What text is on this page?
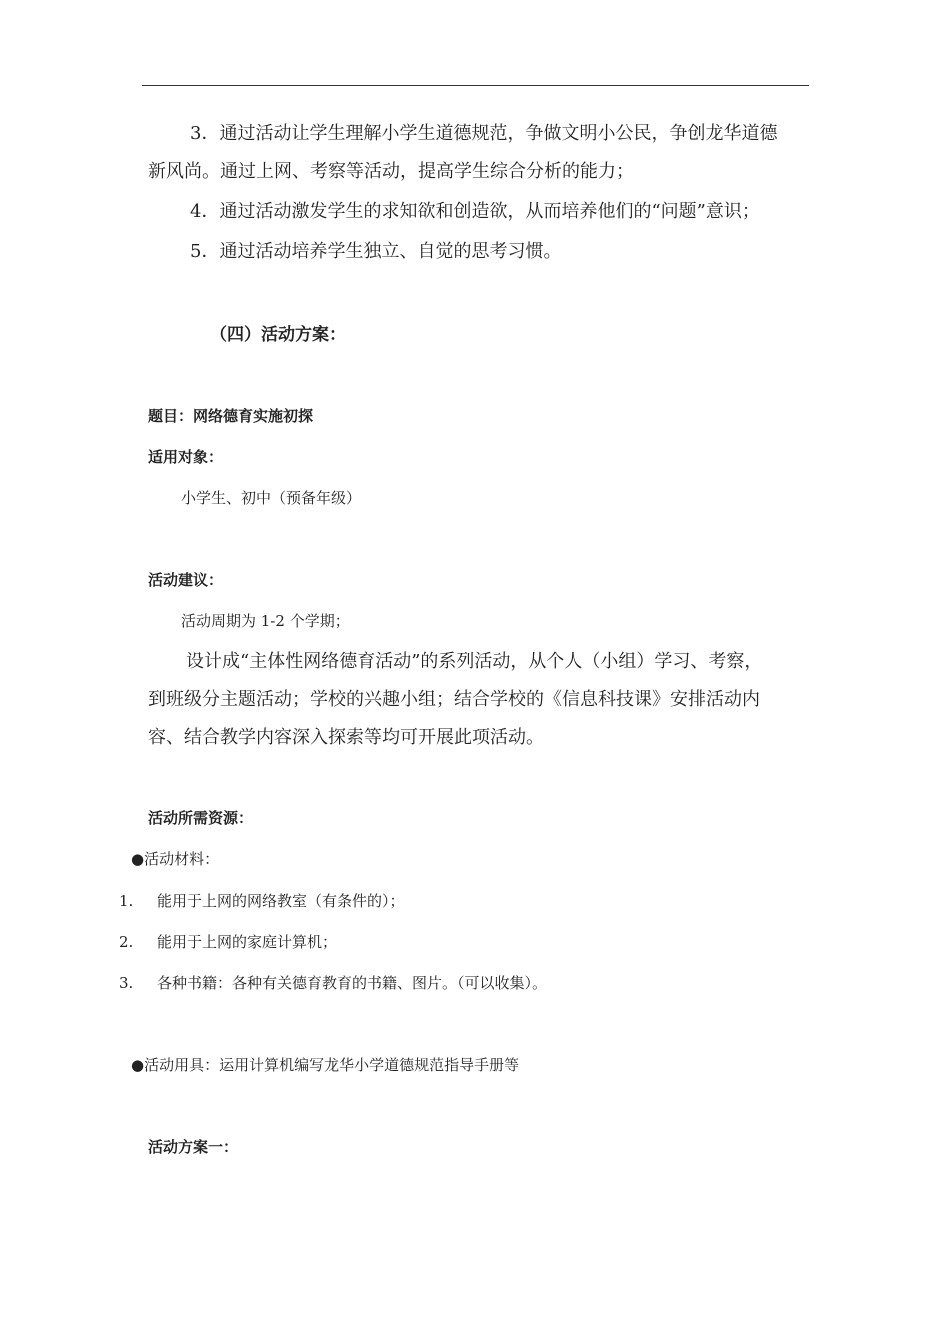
3．通过活动让学生理解小学生道德规范，争做文明小公民，争创龙华道德
新风尚。通过上网、考察等活动，提高学生综合分析的能力；
4．通过活动激发学生的求知欲和创造欲，从而培养他们的“问题”意识；
5．通过活动培养学生独立、自觉的思考习惯。
（四）活动方案：
题目：网络德育实施初探
适用对象：
小学生、初中（预备年级）
活动建议：
活动周期为 1-2 个学期；
设计成“主体性网络德育活动”的系列活动，从个人（小组）学习、考察，
到班级分主题活动；学校的兴趣小组；结合学校的《信息科技课》安排活动内
容、结合教学内容深入探索等均可开展此项活动。
活动所需资源：
●活动材料：
1. 能用于上网的网络教室（有条件的）；
2. 能用于上网的家庭计算机；
3. 各种书籍：各种有关德育教育的书籍、图片。（可以收集）。
●活动用具：运用计算机编写龙华小学道德规范指导手册等
活动方案一：
